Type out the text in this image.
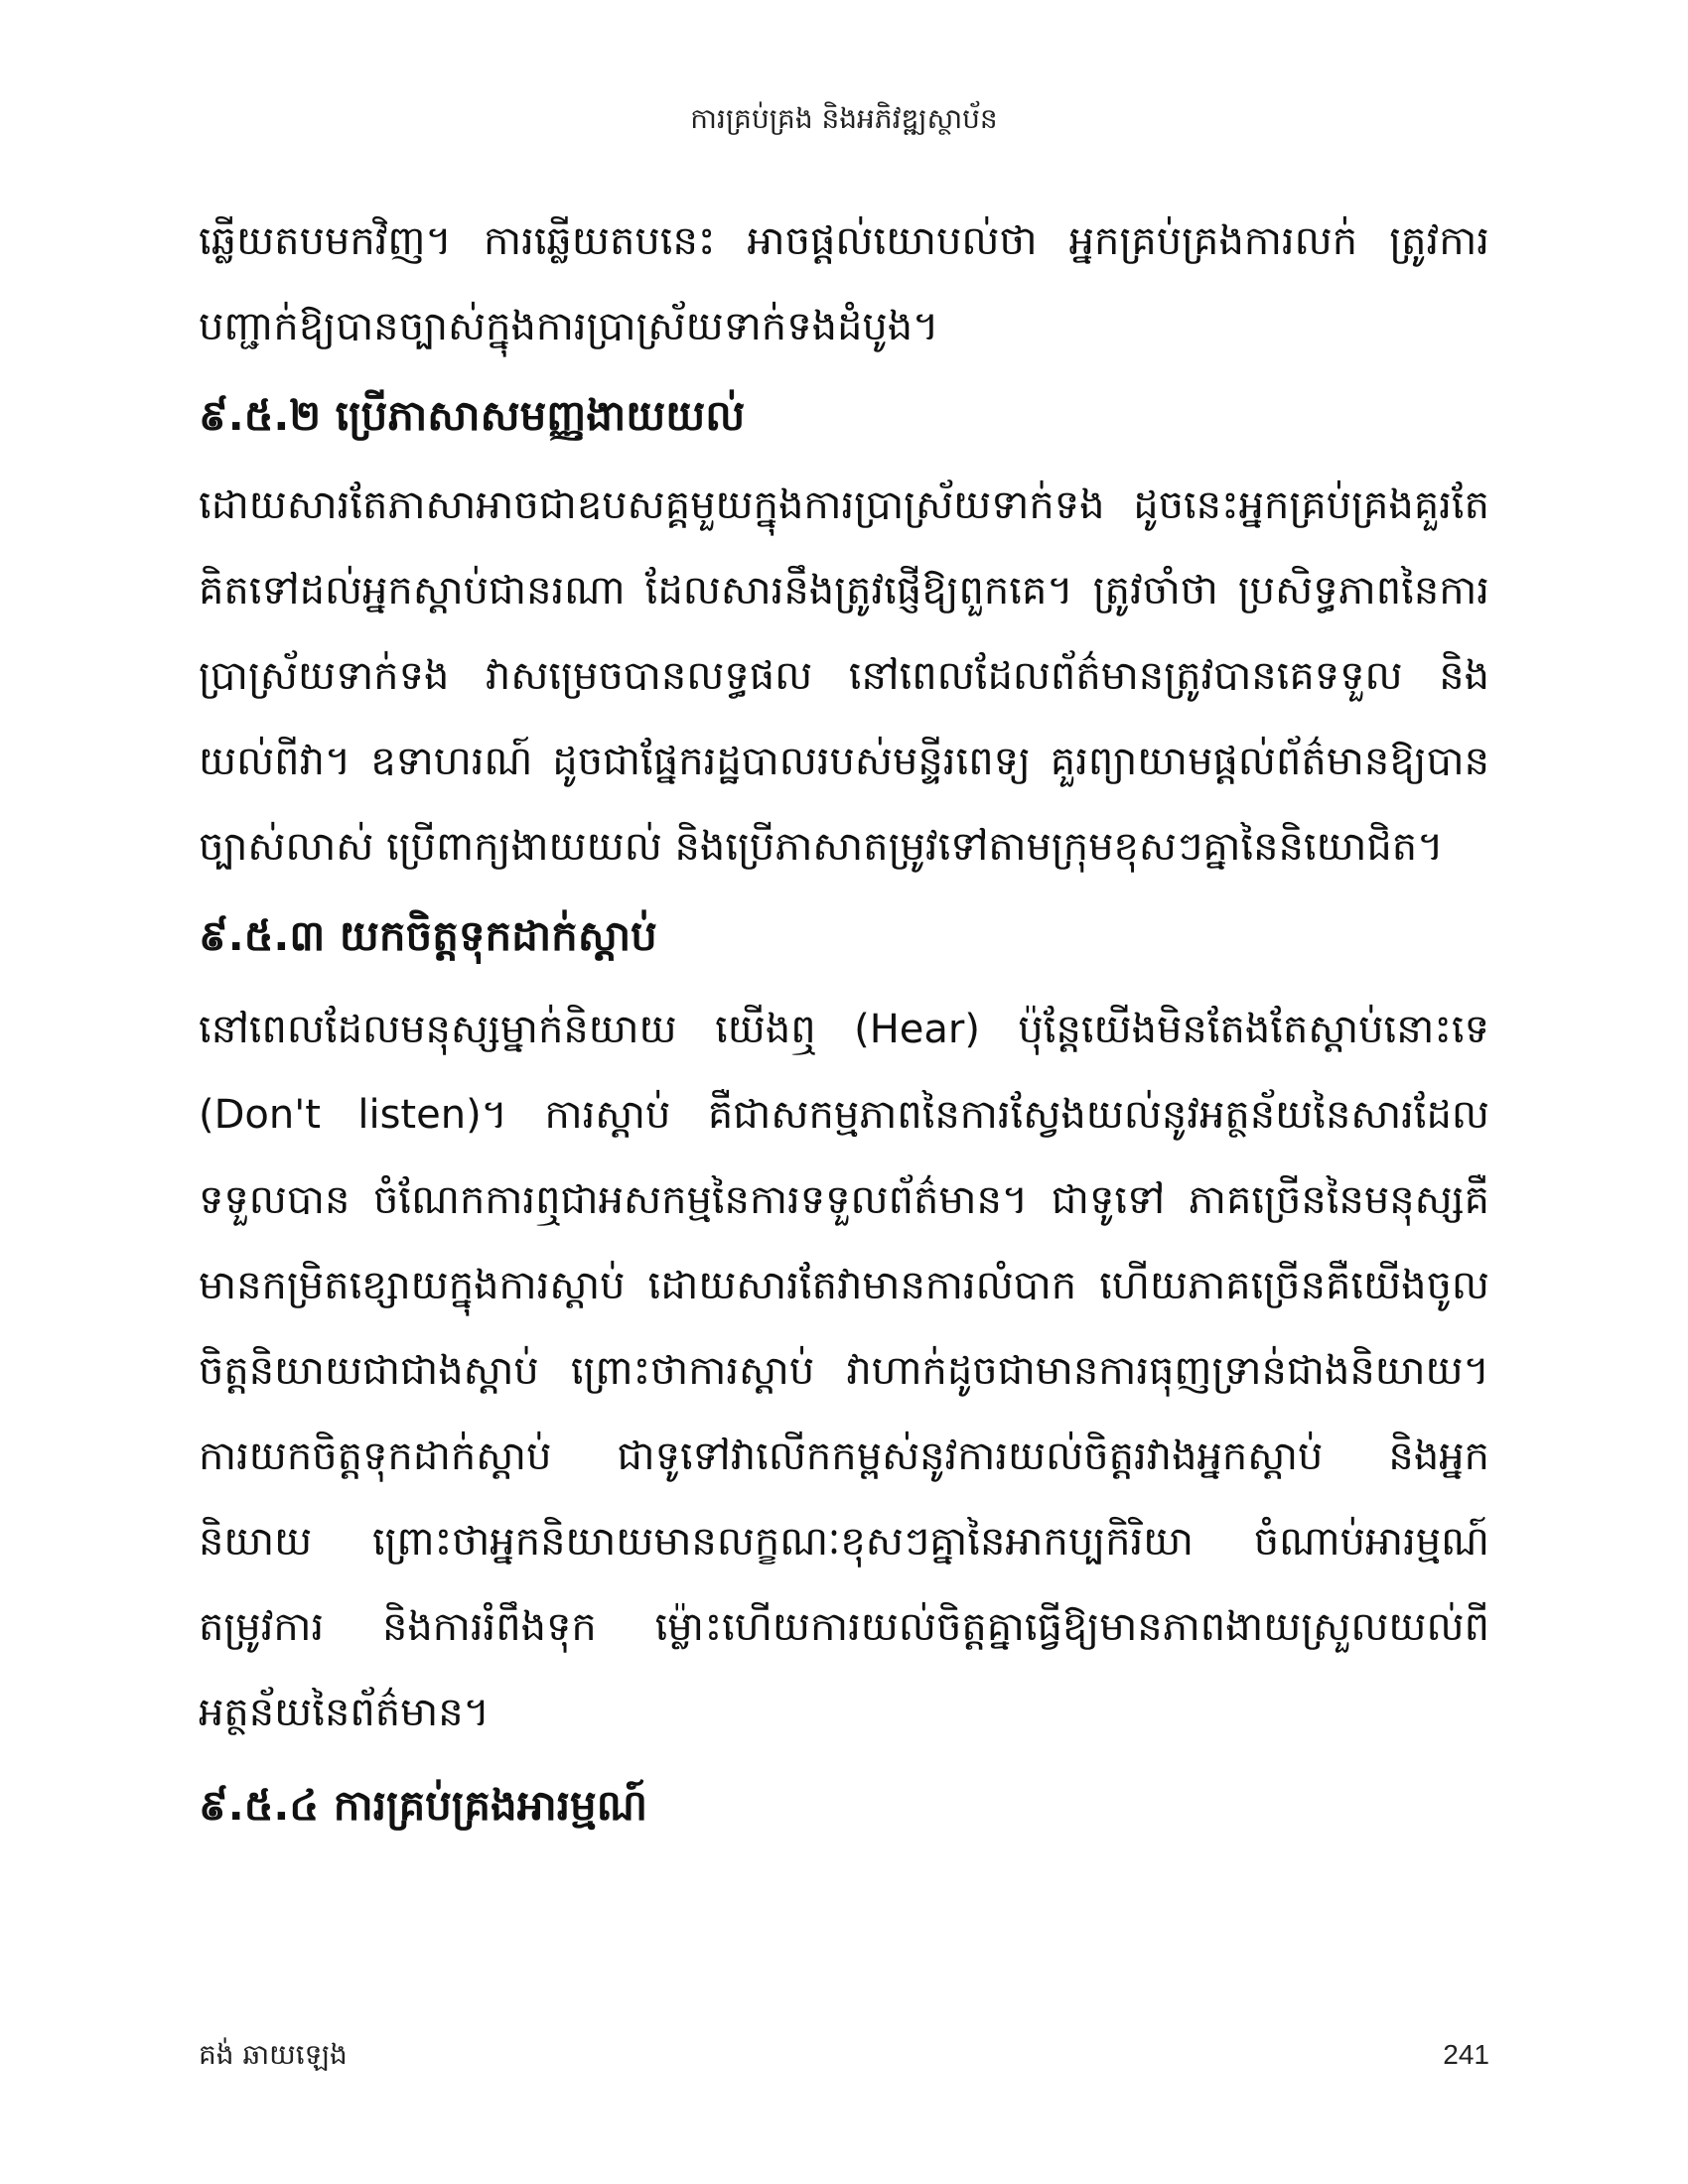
ការគ្រប់គ្រង និងអភិវឌ្ឍស្ថាប័ន

ឆ្លើយតបមកវិញ។ ការឆ្លើយតបនេះ អាចផ្តល់យោបល់ថា អ្នកគ្រប់គ្រងការលក់ ត្រូវការបញ្ជាក់ឱ្យបានច្បាស់ក្នុងការប្រាស្រ័យទាក់ទងដំបូង។

៩.៥.២ ប្រើភាសាសមញ្ញងាយយល់

ដោយសារតែភាសាអាចជាឧបសគ្គមួយក្នុងការប្រាស្រ័យទាក់ទង ដូចនេះអ្នកគ្រប់គ្រងគួរតែគិតទៅដល់អ្នកស្តាប់ជានរណា ដែលសារនឹងត្រូវផ្ញើឱ្យពួកគេ។ ត្រូវចាំថា ប្រសិទ្ធភាពនៃការប្រាស្រ័យទាក់ទង វាសម្រេចបានលទ្ធផល នៅពេលដែលព័ត៌មានត្រូវបានគេទទួល និងយល់ពីវា។ ឧទាហរណ៍ ដូចជាផ្នែករដ្ឋបាលរបស់មន្ទីរពេទ្យ គួរព្យាយាមផ្តល់ព័ត៌មានឱ្យបានច្បាស់លាស់ ប្រើពាក្យងាយយល់ និងប្រើភាសាតម្រូវទៅតាមក្រុមខុសៗគ្នានៃនិយោជិត។

៩.៥.៣ យកចិត្តទុកដាក់ស្តាប់

នៅពេលដែលមនុស្សម្នាក់និយាយ យើងឮ (Hear) ប៉ុន្តែយើងមិនតែងតែស្តាប់នោះទេ (Don't listen)។ ការស្តាប់ គឺជាសកម្មភាពនៃការស្វែងយល់នូវអត្ថន័យនៃសារដែលទទួលបាន ចំណែកការឮជាអសកម្មនៃការទទួលព័ត៌មាន។ ជាទូទៅ ភាគច្រើននៃមនុស្សគឺមានកម្រិតខ្សោយក្នុងការស្តាប់ ដោយសារតែវាមានការលំបាក ហើយភាគច្រើនគឺយើងចូលចិត្តនិយាយជាជាងស្តាប់ ព្រោះថាការស្តាប់ វាហាក់ដូចជាមានការធុញទ្រាន់ជាងនិយាយ។ ការយកចិត្តទុកដាក់ស្តាប់ ជាទូទៅវាលើកកម្ពស់នូវការយល់ចិត្តរវាងអ្នកស្តាប់ និងអ្នកនិយាយ ព្រោះថាអ្នកនិយាយមានលក្ខណៈខុសៗគ្នានៃអាកប្បកិរិយា ចំណាប់អារម្មណ៍ តម្រូវការ និងការរំពឹងទុក ម្ល៉ោះហើយការយល់ចិត្តគ្នាធ្វើឱ្យមានភាពងាយស្រួលយល់ពីអត្ថន័យនៃព័ត៌មាន។

៩.៥.៤ ការគ្រប់គ្រងអារម្មណ៍
គង់ ឆាយឡេង	241
